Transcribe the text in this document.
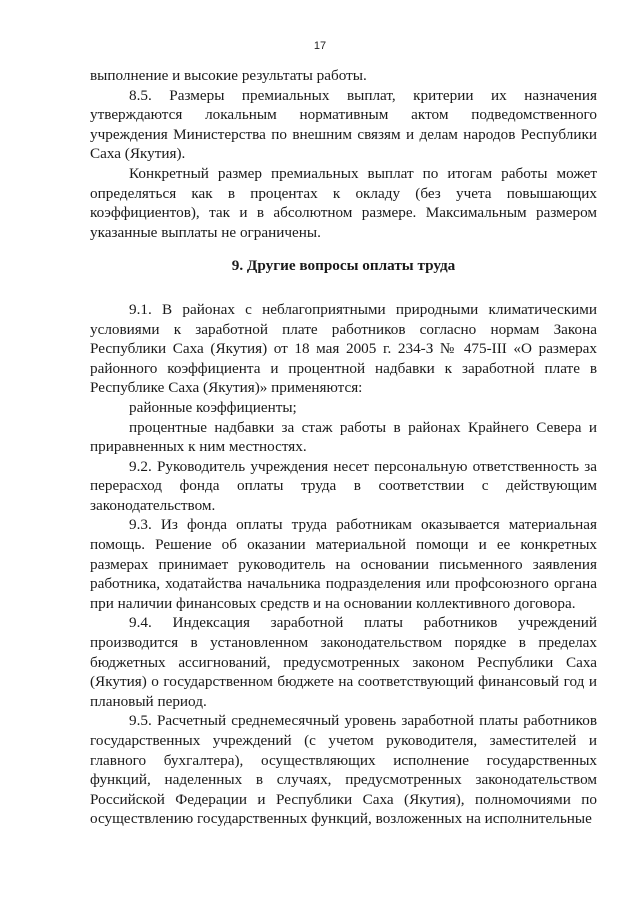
17

выполнение и высокие результаты работы.

8.5. Размеры премиальных выплат, критерии их назначения утверждаются локальным нормативным актом подведомственного учреждения Министерства по внешним связям и делам народов Республики Саха (Якутия).

Конкретный размер премиальных выплат по итогам работы может определяться как в процентах к окладу (без учета повышающих коэффициентов), так и в абсолютном размере. Максимальным размером указанные выплаты не ограничены.

9. Другие вопросы оплаты труда

9.1. В районах с неблагоприятными природными климатическими условиями к заработной плате работников согласно нормам Закона Республики Саха (Якутия) от 18 мая 2005 г. 234-З № 475-III «О размерах районного коэффициента и процентной надбавки к заработной плате в Республике Саха (Якутия)» применяются:

районные коэффициенты;

процентные надбавки за стаж работы в районах Крайнего Севера и приравненных к ним местностях.

9.2. Руководитель учреждения несет персональную ответственность за перерасход фонда оплаты труда в соответствии с действующим законодательством.

9.3. Из фонда оплаты труда работникам оказывается материальная помощь. Решение об оказании материальной помощи и ее конкретных размерах принимает руководитель на основании письменного заявления работника, ходатайства начальника подразделения или профсоюзного органа при наличии финансовых средств и на основании коллективного договора.

9.4. Индексация заработной платы работников учреждений производится в установленном законодательством порядке в пределах бюджетных ассигнований, предусмотренных законом Республики Саха (Якутия) о государственном бюджете на соответствующий финансовый год и плановый период.

9.5. Расчетный среднемесячный уровень заработной платы работников государственных учреждений (с учетом руководителя, заместителей и главного бухгалтера), осуществляющих исполнение государственных функций, наделенных в случаях, предусмотренных законодательством Российской Федерации и Республики Саха (Якутия), полномочиями по осуществлению государственных функций, возложенных на исполнительные
